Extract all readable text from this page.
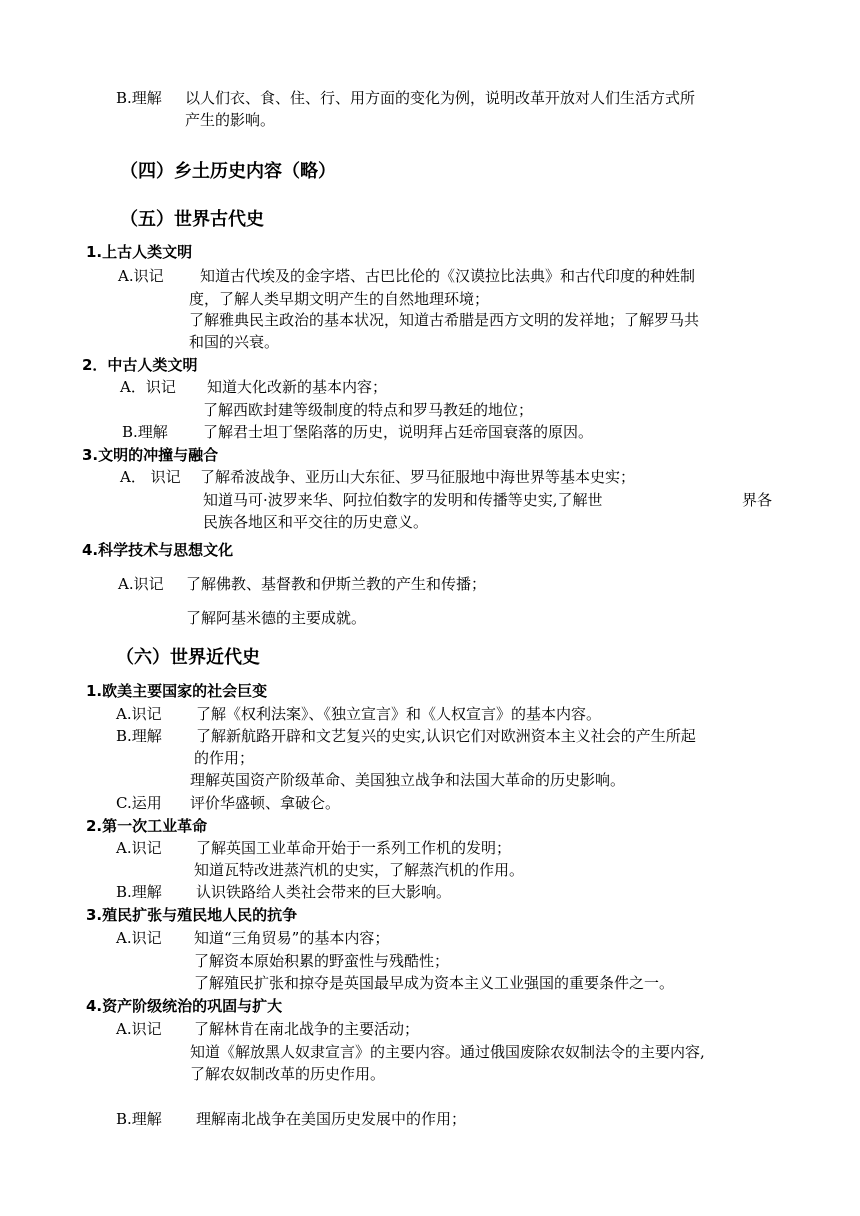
B.理解 以人们衣、食、住、行、用方面的变化为例，说明改革开放对人们生活方式所
产生的影响。
（四）乡土历史内容（略）
（五）世界古代史
1.上古人类文明
A.识记 知道古代埃及的金字塔、古巴比伦的《汉谟拉比法典》和古代印度的种姓制
度，了解人类早期文明产生的自然地理环境；
了解雅典民主政治的基本状况，知道古希腊是西方文明的发祥地；了解罗马共
和国的兴衰。
2．中古人类文明
A．识记 知道大化改新的基本内容；
了解西欧封建等级制度的特点和罗马教廷的地位；
B.理解 了解君士坦丁堡陷落的历史，说明拜占廷帝国衰落的原因。
3.文明的冲撞与融合
A． 识记 了解希波战争、亚历山大东征、罗马征服地中海世界等基本史实；
知道马可·波罗来华、阿拉伯数字的发明和传播等史实,了解世	界各
民族各地区和平交往的历史意义。
4.科学技术与思想文化
A.识记 了解佛教、基督教和伊斯兰教的产生和传播；
了解阿基米德的主要成就。
（六）世界近代史
1.欧美主要国家的社会巨变
A.识记 了解《权利法案》、《独立宣言》和《人权宣言》的基本内容。
B.理解 了解新航路开辟和文艺复兴的史实,认识它们对欧洲资本主义社会的产生所起
的作用；
理解英国资产阶级革命、美国独立战争和法国大革命的历史影响。
C.运用 评价华盛顿、拿破仑。
2.第一次工业革命
A.识记 了解英国工业革命开始于一系列工作机的发明；
知道瓦特改进蒸汽机的史实，了解蒸汽机的作用。
B.理解 认识铁路给人类社会带来的巨大影响。
3.殖民扩张与殖民地人民的抗争
A.识记 知道“三角贸易”的基本内容；
了解资本原始积累的野蛮性与残酷性；
了解殖民扩张和掠夺是英国最早成为资本主义工业强国的重要条件之一。
4.资产阶级统治的巩固与扩大
A.识记 了解林肯在南北战争的主要活动；
知道《解放黑人奴隶宣言》的主要内容。通过俄国废除农奴制法令的主要内容,
了解农奴制改革的历史作用。
B.理解 理解南北战争在美国历史发展中的作用；
